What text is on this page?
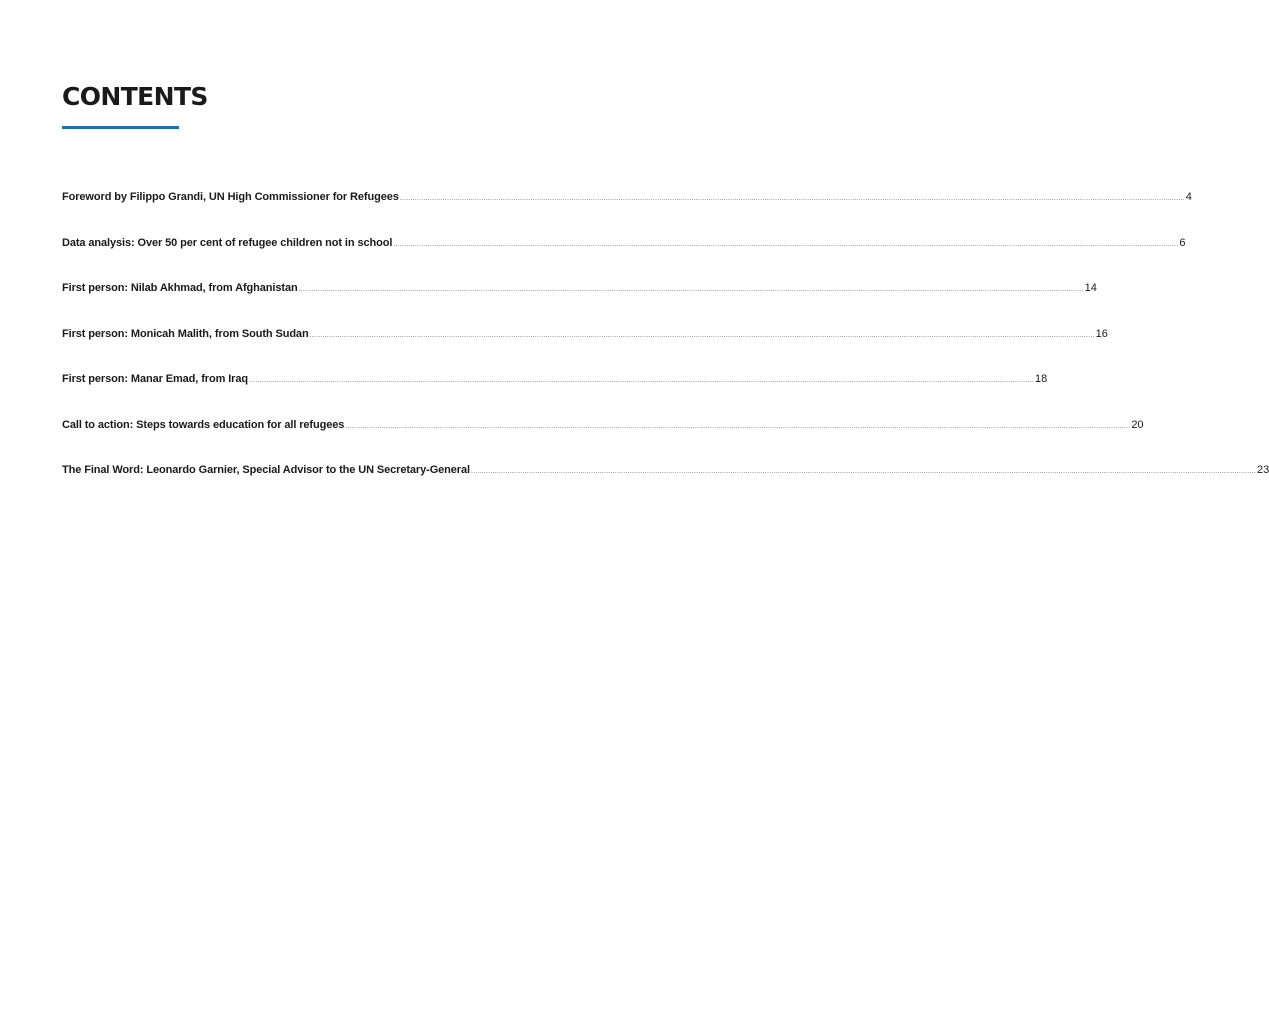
CONTENTS
Foreword by Filippo Grandi, UN High Commissioner for Refugees .............................................................................................................................................................................................................................................................................................................................................................................. 4
Data analysis: Over 50 per cent of refugee children not in school .............................................................................................................................................................................................................................................................................................................................................................................. 6
First person: Nilab Akhmad, from Afghanistan .............................................................................................................................................................................................................................................................................................................................................................................. 14
First person: Monicah Malith, from South Sudan .............................................................................................................................................................................................................................................................................................................................................................................. 16
First person: Manar Emad, from Iraq .............................................................................................................................................................................................................................................................................................................................................................................. 18
Call to action: Steps towards education for all refugees .............................................................................................................................................................................................................................................................................................................................................................................. 20
The Final Word: Leonardo Garnier, Special Advisor to the UN Secretary-General .............................................................................................................................................................................................................................................................................................................................................................................. 23
